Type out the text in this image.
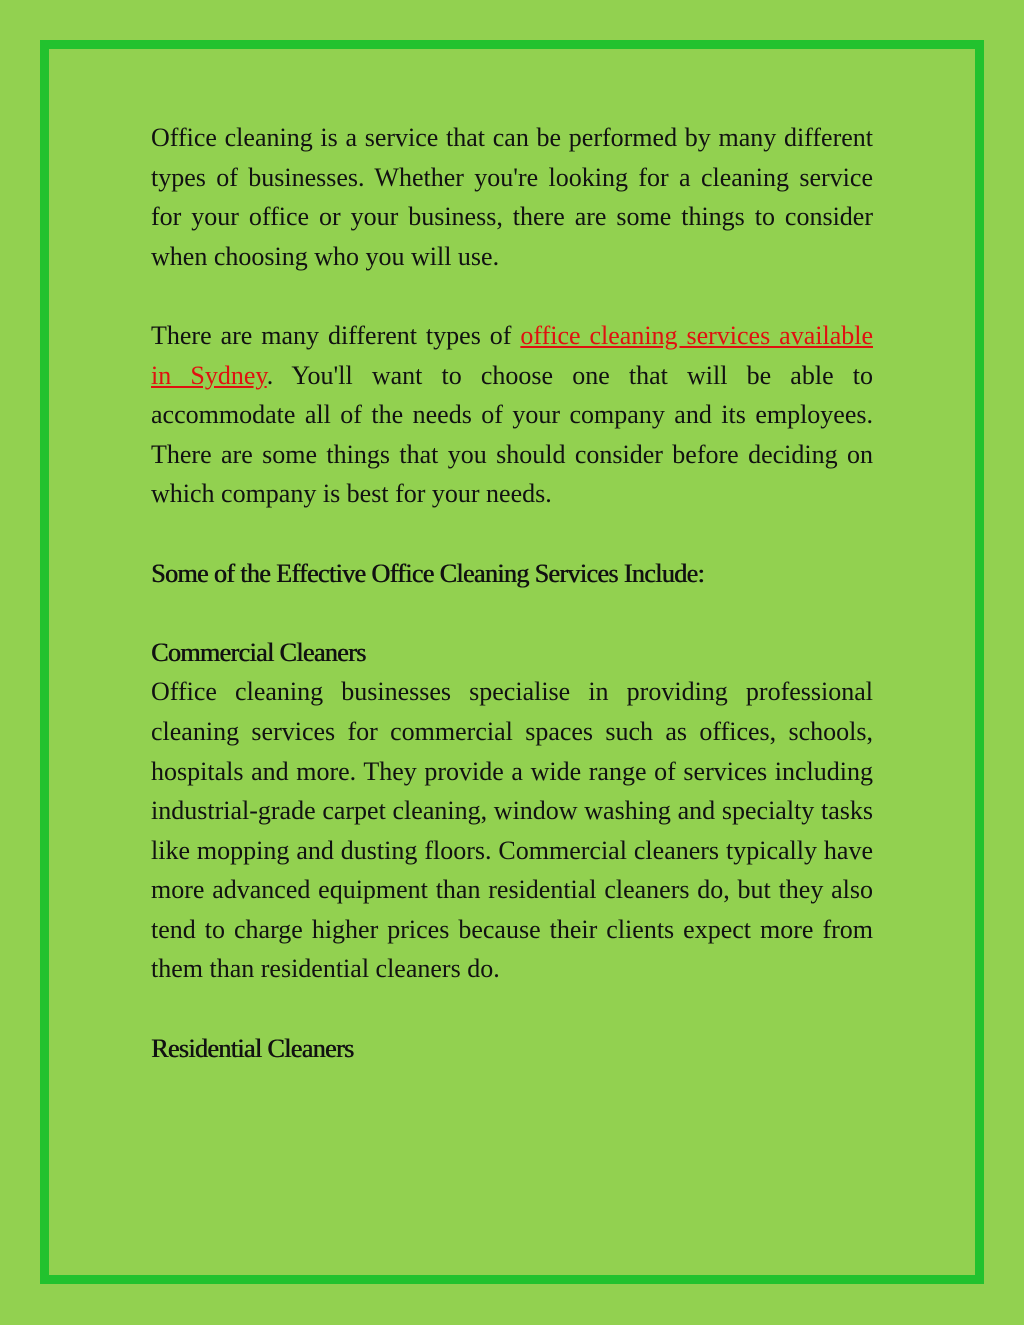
Office cleaning is a service that can be performed by many different types of businesses. Whether you're looking for a cleaning service for your office or your business, there are some things to consider when choosing who you will use.

There are many different types of office cleaning services available in Sydney. You'll want to choose one that will be able to accommodate all of the needs of your company and its employees. There are some things that you should consider before deciding on which company is best for your needs.

Some of the Effective Office Cleaning Services Include:
Commercial Cleaners

Office cleaning businesses specialise in providing professional cleaning services for commercial spaces such as offices, schools, hospitals and more. They provide a wide range of services including industrial-grade carpet cleaning, window washing and specialty tasks like mopping and dusting floors. Commercial cleaners typically have more advanced equipment than residential cleaners do, but they also tend to charge higher prices because their clients expect more from them than residential cleaners do.

Residential Cleaners
